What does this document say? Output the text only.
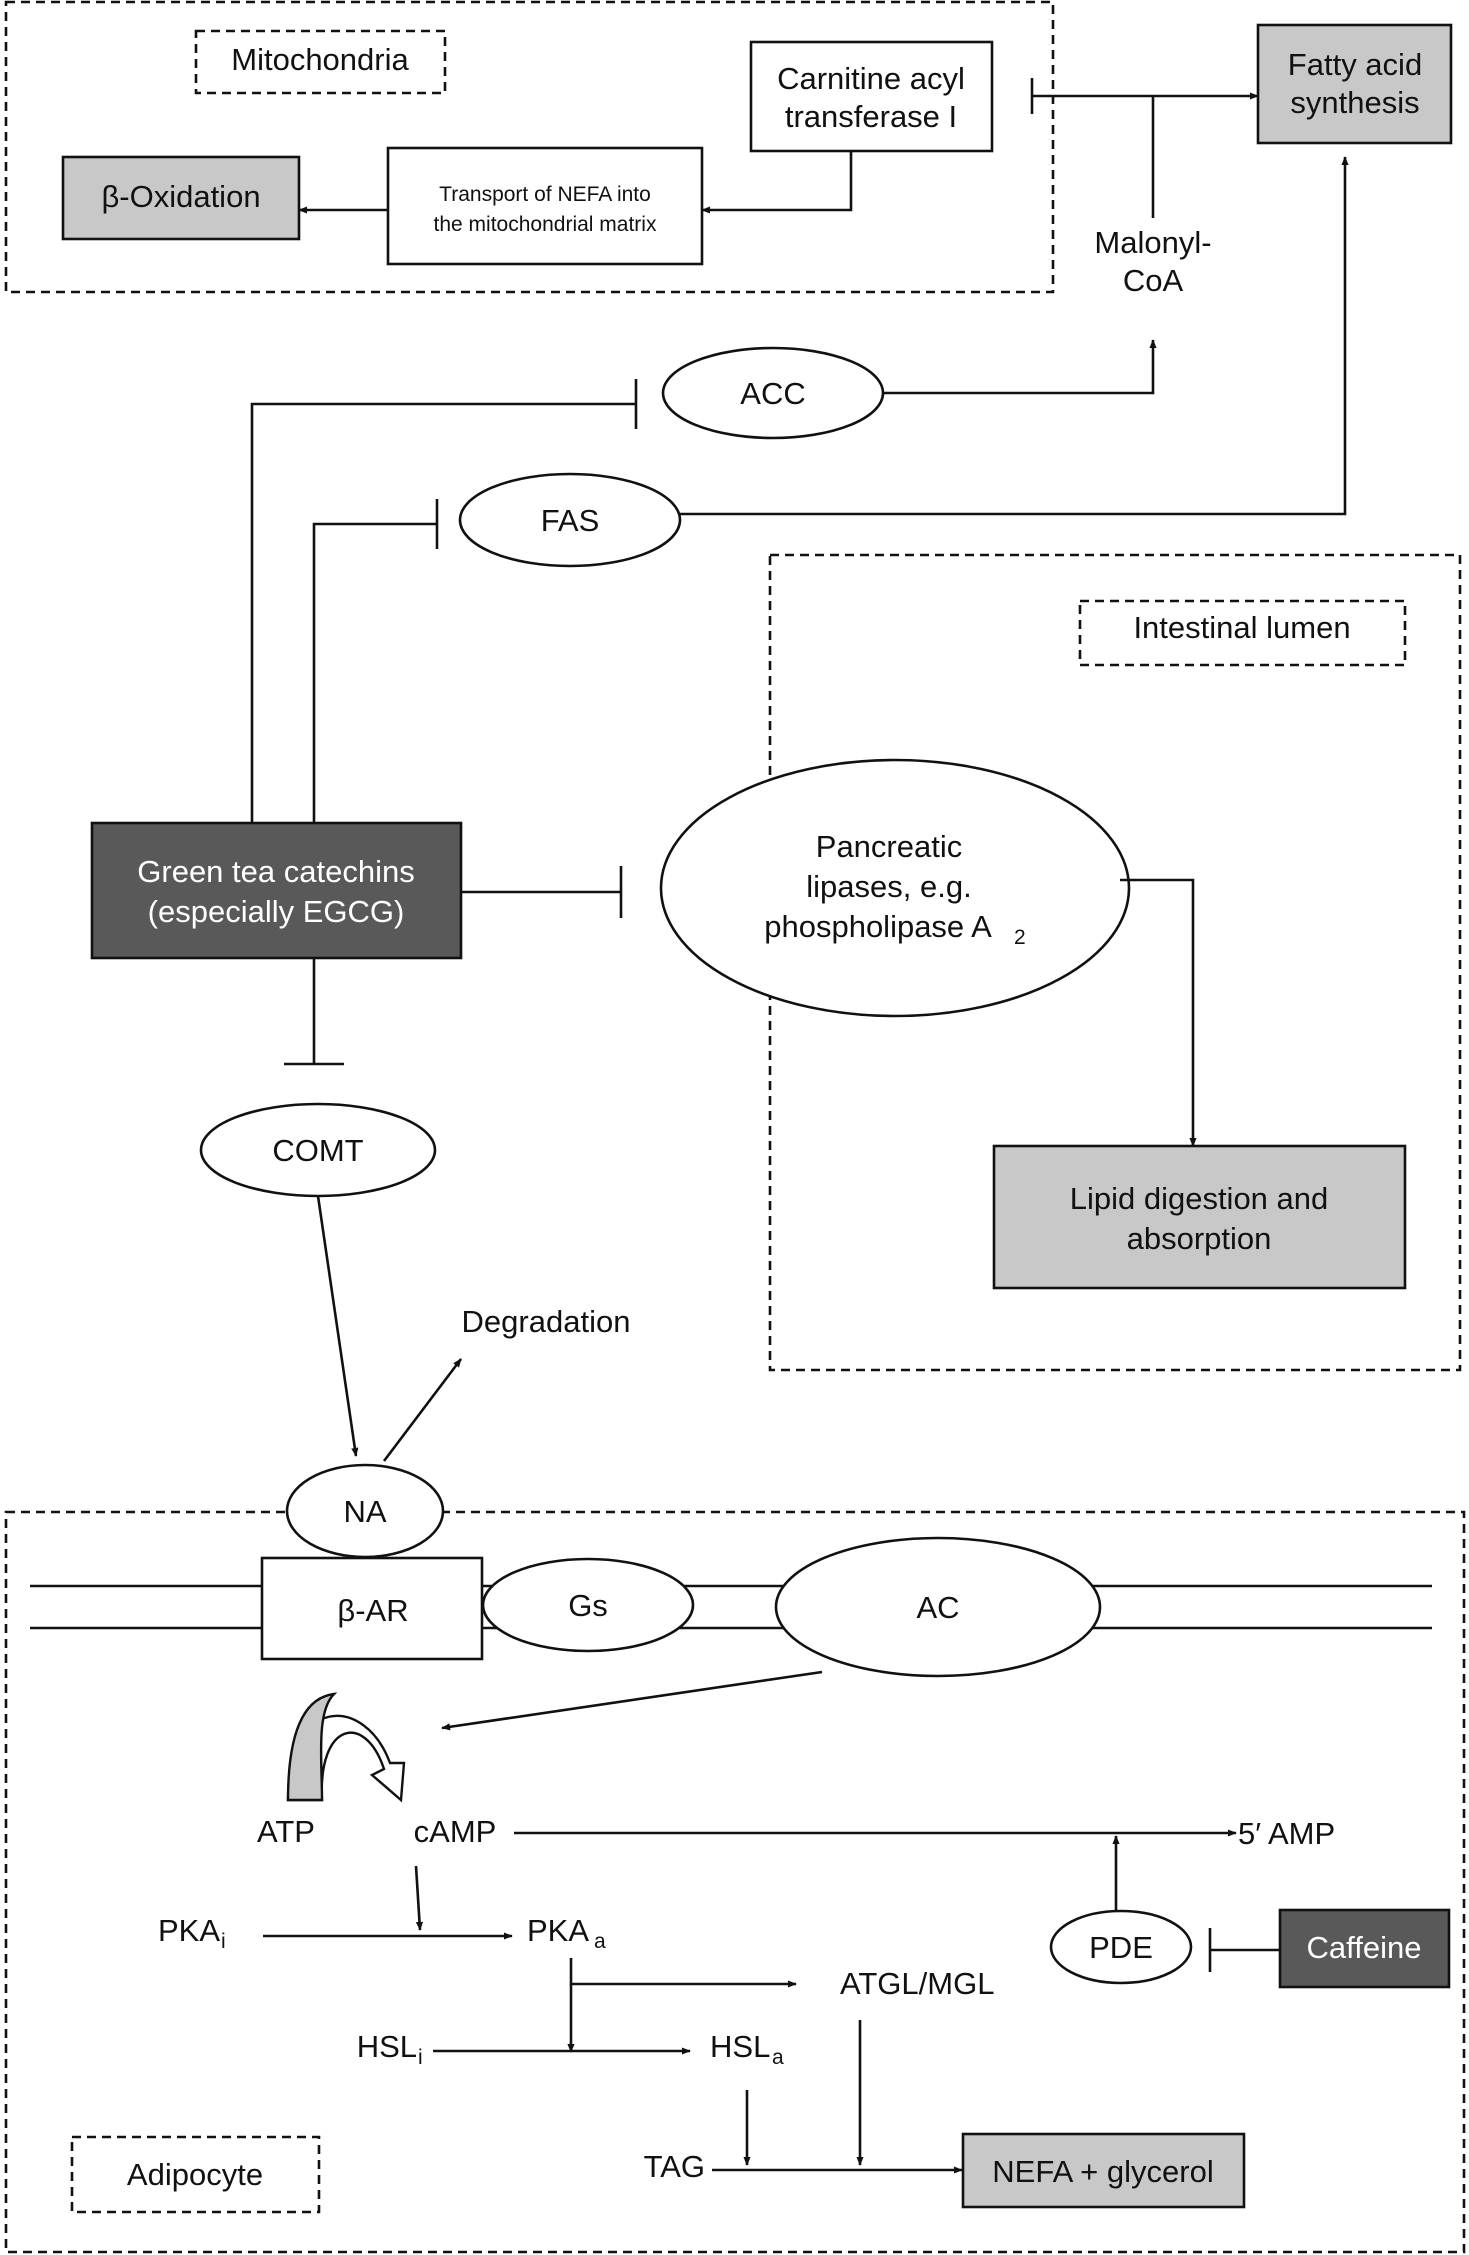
Mitochondria
Intestinal lumen
Adipocyte
β-Oxidation	Transport of NEFA into
the mitochondrial matrix
Carnitine acyl
transferase I
Fatty acid
synthesis
Malonyl-
CoA
ACC
FAS
Green tea catechins
(especially EGCG)
Pancreatic
lipases, e.g.
phospholipase A 2
Lipid digestion and
absorption
COMT
Degradation
β-AR
NA
Gs	AC
ATP	cAMP	5′ AMP
PKA i	PKA a	PDE	Caffeine
ATGL/MGL
HSL i	HSL a
TAG	NEFA + glycerol
